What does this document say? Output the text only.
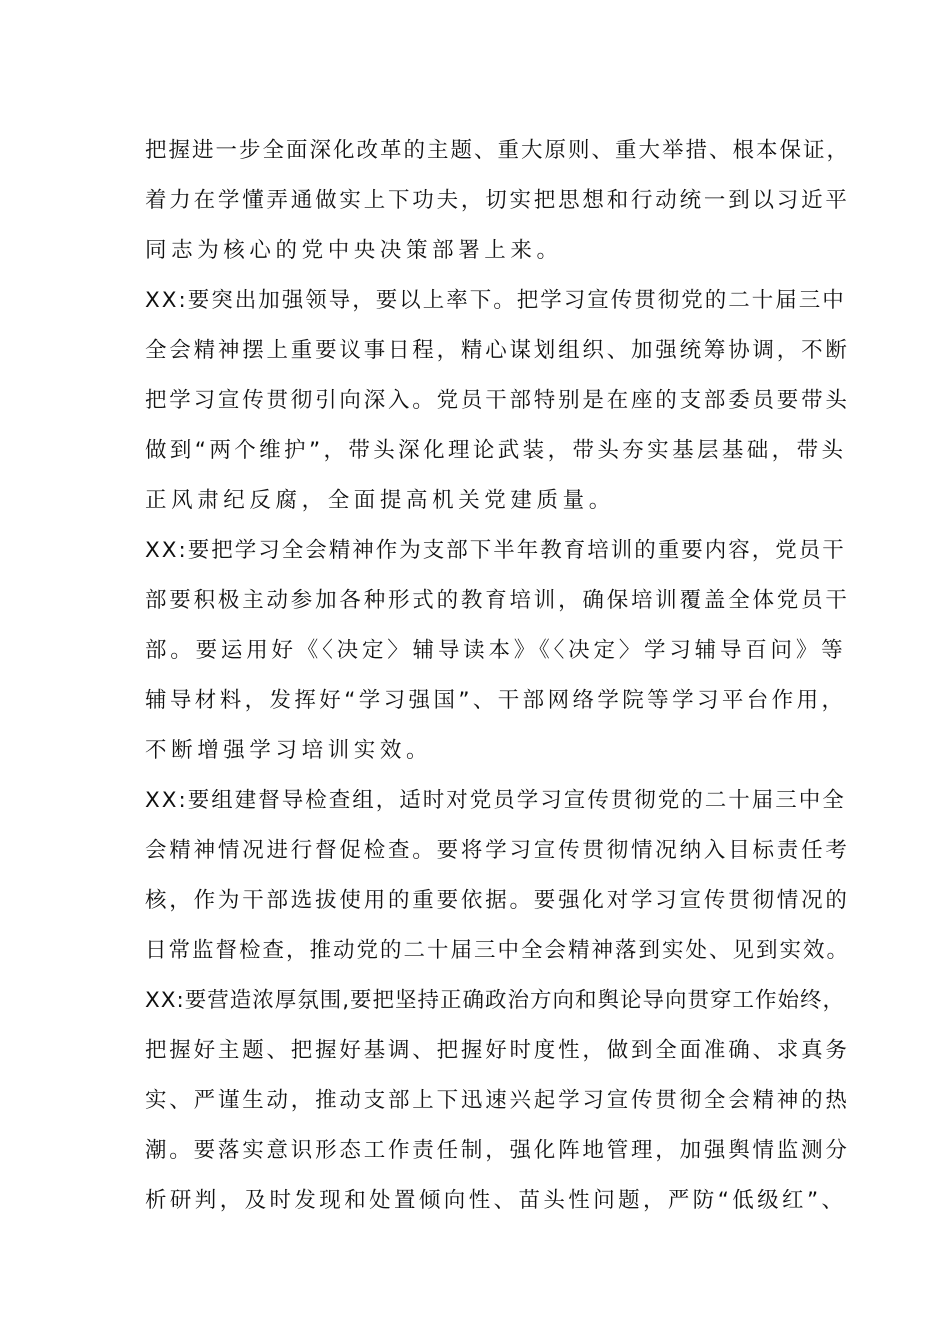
把握进一步全面深化改革的主题、重大原则、重大举措、根本保证，
着力在学懂弄通做实上下功夫，切实把思想和行动统一到以习近平
同志为核心的党中央决策部署上来。
XX:要突出加强领导，要以上率下。把学习宣传贯彻党的二十届三中
全会精神摆上重要议事日程，精心谋划组织、加强统筹协调，不断
把学习宣传贯彻引向深入。党员干部特别是在座的支部委员要带头
做到“两个维护”，带头深化理论武装，带头夯实基层基础，带头
正风肃纪反腐，全面提高机关党建质量。
XX:要把学习全会精神作为支部下半年教育培训的重要内容，党员干
部要积极主动参加各种形式的教育培训，确保培训覆盖全体党员干
部。要运用好《〈决定〉辅导读本》《〈决定〉学习辅导百问》等
辅导材料，发挥好“学习强国”、干部网络学院等学习平台作用，
不断增强学习培训实效。
XX:要组建督导检查组，适时对党员学习宣传贯彻党的二十届三中全
会精神情况进行督促检查。要将学习宣传贯彻情况纳入目标责任考
核，作为干部选拔使用的重要依据。要强化对学习宣传贯彻情况的
日常监督检查，推动党的二十届三中全会精神落到实处、见到实效。
XX:要营造浓厚氛围,要把坚持正确政治方向和舆论导向贯穿工作始终，
把握好主题、把握好基调、把握好时度性，做到全面准确、求真务
实、严谨生动，推动支部上下迅速兴起学习宣传贯彻全会精神的热
潮。要落实意识形态工作责任制，强化阵地管理，加强舆情监测分
析研判，及时发现和处置倾向性、苗头性问题，严防“低级红”、
